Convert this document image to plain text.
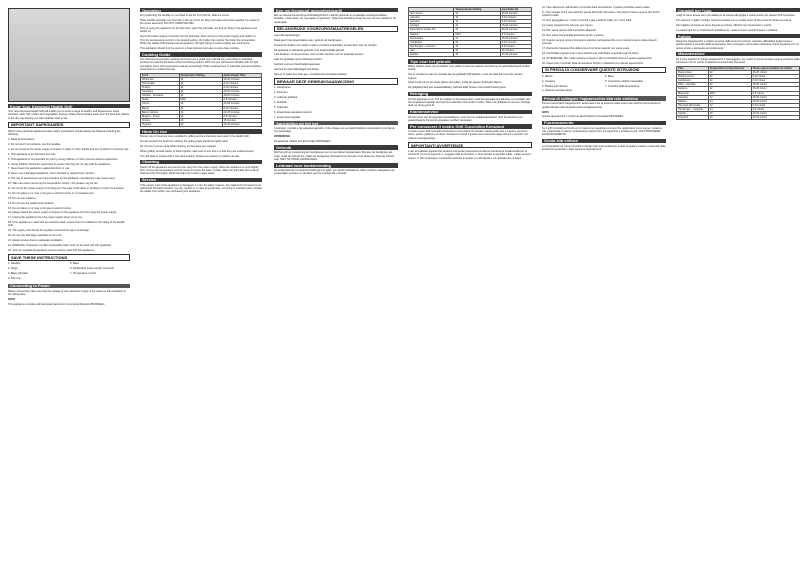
Know Your Kenwood Health Grill

Your new Kenwood Health Grill will enable you to cook a range of healthy and flavoursome foods including meat, fish, poultry and vegetables. During cooking the fat drains away from the food and collects in the drip tray leaving you with healthier food to eat.

IMPORTANT SAFEGUARDS

When using electrical appliances basic safety precautions should always be followed including the following:

1. Read all instructions.

2. Do not touch hot surfaces, use the handles.

3. Do not immerse the power supply connector in water or other liquids and do not allow it to become wet.

4. This appliance is for domestic use only.

5. This appliance is not intended for use by young children or infirm persons without supervision.

6. Young children should be supervised to ensure that they do not play with the appliance.

7. Never leave the appliance unattended when in use.

8. Never use a damaged appliance. Get it checked or repaired see 'service'.

9. The use of accessories not recommended by the appliance manufacturer may cause injury.

10. Take care when removing the temperature control - the grease may be hot.

11. Do not let the power supply cord hang over the edge of the table or worktop or touch hot surfaces.

12. Do not place on or near a hot gas or electric burner or in a heated oven.

13. Do not use outdoors.

14. Do not use the Health Grill outdoors.

15. Do not place on or near a hot gas or electric burner.

16. Always attach the power supply connector to the appliance first then plug the power supply.

17. Unplug the appliance from the power supply when not in use.

18. If the appliance is used with an extension lead, ensure that it is suitable for the rating of the Health Grill.

19. The supply cord should be regularly examined for signs of damage.

20. Do not use with large quantities of oil or fat.

21. Always ensure there is adequate ventilation.

22. WARNING: Charcoal or similar combustible fuels must not be used with this appliance.

23. Only the supplied temperature control must be used with this appliance.

SAVE THESE INSTRUCTIONS

1. Handles

2. Hinge

3. Base grill plate

4. Drip tray

5. Base

6. Detachable power supply connector

7. Temperature control

Connecting to Power

Before connecting make sure that the voltage of your electricity supply is the same as that indicated on the rating plate.

NOTE

This appliance complies with European Economic Community Directive 89/336/EEC.

Operation

For positioning the handle it is not fitted to the lid. To fit the lid, slide the screw.

Place handle vertically over the hole in the top of the lid. Align the holes and screw together by means of the screw assembly. DO NOT OVERTIGHTEN.

Prior to using the appliance for the first time, wash the grill plate, dry and oil. Plug in the appliance and switch on.

Insert the power supply connector into the grill plate. Now connect to the power supply and switch on. Turn the temperature control to the desired setting; the higher the number the hotter the temperature. When the Health Grill reaches the temperature, the light will go out and cooking can commence.

This appliance should only be used on a heat resistant and easy to wipe clean surface.

Cooking Guide

The following temperature settings and times are a guide only and will vary according to individual preferences and the thickness of the food being cooked. With use you will become familiar with the grill and adjust times and temperature settings accordingly. When cooking food, in particular pork and chicken, check that it is cooked through.

Food	Temperature Setting	Approximate Time
Whole fish	12	15-20 minutes
Fish steaks	12	6-10 minutes
Prawns	12	6-10 minutes
Sausages	12	15-20 minutes
Chicken - boneless	12	18-20 minutes
Steak	MAX	6-9 minutes
Chops	12	15-20 minutes
Bacon	12	6-10 minutes
Bacon rashers	12	10-15 minutes
Burgers - frozen	14	6-8 minutes
Onions	10	15 minutes
Peppers	10	10-15 minutes
Hints On Use

Tender cuts of meat are more suitable for grilling and are therefore best used in the Health Grill.

To help prevent the food from sticking the grilling plate should be lightly oiled.

Do not cut or pierce meat while cooking, so the juices are retained.

When grilling several pieces of food together, take care to turn them so that they are cooked evenly.

The grill plate is coated with a non-stick coating. Always use wooden or plastic utensils.

Cleaning

Switch off the appliance and remove the plug from the power supply. Allow the appliance to cool slightly then remove the temperature control. Never immerse the base in water. Wipe the grill plate with a damp cloth and dry thoroughly. Wash the drip tray in warm soapy water.

Service

If the supply cord of this appliance is damaged, it must, for safety reasons, be replaced by Kenwood or an authorised Kenwood repairer. For any repairs or in case of guarantees, servicing or selected parts, contact the dealer from which you purchased your appliance.

Ken uw Kenwood gezondheidsgrill

Met uw nieuwe Kenwood gezondheidsgrill kunt u allerlei gezonde en smakelijke voedingsmiddelen bereiden, zoals vlees, vis, gevogelte en groenten. Tijdens de bereiding druipt het vet van het voedsel in de opvangbak.

BELANGRIJKE VOORZORGSMAATREGELEN

Lees alle aanwijzingen.

Raak geen hete oppervlakken aan, gebruik de handgrepen.

Dompel de stekker niet onder in water of andere vloeistoffen en laat deze niet nat worden.

Dit apparaat is uitsluitend geschikt voor huishoudelijk gebruik.

Laat kinderen of niet-personen nooit zonder toezicht met het apparaat werken.

Laat het apparaat nooit onbeheerd achter.

Gebruik nooit een beschadigd apparaat.

Gebruik de gezondheidsgrill niet buiten.

Niet op of naast een hete gas- of elektrische kookplaat plaatsen.

BEWAAR DEZE GEBRUIKSAANWIJZING

1. handgrepen

2. scharnier

3. onderste grillplaat

4. druipbak

5. onderstel

6. afneembare aansluitconnector

7. temperatuurregelaar

Aansluiting op het net

Controleer, voordat u het apparaat aansluit, of de voltage van uw elektriciteitsnet overeenkomt met dat op het typeplaatje.

OPMERKING

Dit apparaat voldoet aan EG-richtlijn 89/336/EEG.

Gebruik

Wat het grill op verwarming als handgrepen niet op het deksel vastgemaakt. Monteer de handgreep als volgt: maak de schroef los, plaats de handgreep verticaal boven het gat in het deksel en draai de schroef vast. NIET TE STRAK AANDRAAIEN.

Leidraad voor kookbereiding

De onderstaande temperatuurinstellingen en tijden zijn slechts leidraad en zullen variëren naargelang uw persoonlijke voorkeur en de dikte van het voedsel dat u bereidt.

	Temperatuurinstelling	Geschatte tijd
hele vissen	12	15-20 minuten
vismoten	12	6-10 minuten
garnalen	12	6-10 minuten
worstjes	12	15-20 minuten
kippenborst zonder bot	12	18-20 minuten
biefstuk	MAX	6-9 minuten
karbonades	12	15-20 minuten
ontbijtspek	12	6-10 minuten
hamburgers - bevroren	14	6-8 minuten
uien	10	15 minuten
paprika	10	10-15 minuten
Tips voor het gebruik

Malse stukken vlees zijn geschikter voor grillen en kunnen daarom het best op de gezondheidsgrill worden bereid.

Om te voorkomen dat het voedsel aan de grillplaat blijft plakken, moet de plaat licht met olie worden ingevet.

Snijd of prik niet in het vlees tijdens het grillen, zodat de sappen behouden blijven.

De grillplaat heeft een antiaanbaklaag. Gebruik altijd houten of kunststof keukengerei.

Reiniging

Zet het apparaat uit en trek de stekker uit het stopcontact. Laat het apparaat iets afkoelen en verwijder dan de temperatuurregelaar. Dompel het onderstel nooit onder in water. Neem de grillplaat af met een vochtige doek en droog goed af.

Klantenservice

Als het snoer van dit apparaat beschadigd is, moet het om veiligheidsredenen door Kenwood of een geautoriseerde Kenwood-reparateur worden vervangen.

Per conoscere il vostro Grill Cucciolino Kenwood

Il vostro nuovo Grill Cucciolino Kenwood vi permetterà di cucinare svariati piatti sani e saporiti, compresi carne, pesce, pollame e verdure. Durante la cottura il grasso viene eliminato dagli alimenti e raccolto nel vassoio raccogli-grasso.

IMPORTANTI AVVERTENZE

L'uso di qualsiasi apparecchio elettrico comporta l'osservanza di alcune precauzioni fondamentali per la sicurezza, fra cui le seguenti: 1. Leggete tutte le istruzioni. 2. Non toccate le superfici calde - usate sempre i manici. 3. Non immergete il connettore elettrico in acqua o in altri liquidi e non lasciate che si bagni.

10. Fare attenzione nell'estrarre il controllo della temperatura: il grasso potrebbe essere caldo.

11. Non lasciate che il cavo elettrico penda dal bordo del tavolo o del piano di lavoro oppure che tocchi superfici calde.

12. Non appoggiate su o vicino a fornelli a gas o elettrici caldi, né in forni caldi.

13. Usare l'apparecchio solo per uso interno.

14. Non usare questo Grill Cucciolino all'aperto.

15. Non usate mai quantità eccessive di olio o grasso.

16. Inserite sempre prima il connettore elettrico nell'apparecchio e poi inserite la spina nella presa di corrente.

17. Disinserite l'apparecchio dalla presa di corrente quando non viene usato.

18. Controllate regolarmente il cavo elettrico per individuare eventuali segni di danni.

19. ATTENZIONE: Non usate carbone di legna o altri combustibili simili con questo apparecchio.

20. Usare solo il controllo della temperatura fornito in dotazione con questo apparecchio.

SI PREGA DI CONSERVARE QUESTE ISTRUZIONI

1. Manici

2. Cerniera

3. Piastra grill inferiore

4. Vassoio raccogli-grasso

5. Base

6. Connettore elettrico staccabile

7. Controllo della temperatura

Prima di collegare l'apparecchio alla rete elettrica

Prima di accendere l'apparecchio, assicuratevi che la tensione della vostra rete elettrica sia la stessa di quella indicata sulla targhetta posta sull'apparecchio.

NOTA

Questo apparecchio è conforme alla Direttiva Comunitaria 89/336/EEC.

Funzionamento

Se il grill Cucciolino è fornito con il manico non applicato al coperchio, applicatelo come segue: svitate la vite, posizionate il manico verticalmente sopra il foro sul coperchio e avvitate la vite. NON STRINGERE ECCESSIVAMENTE.

Guida alla cottura

Le temperature ed i tempi di cottura indicati sotto sono solamente a titolo di guida e variano a seconda delle preferenze personali e dello spessore degli alimenti.

Consigli per l'uso

I tagli di carne tenera sono più adatti per la cottura alla griglia e quindi anche per questo Grill Cucciolino.

Per ottenere i migliori risultati, ricopra la piastra con un sottile strato di olio prima di iniziare la cottura.

Non tagliare né forare la carne durante la cottura, affinché non fuoriescano i succhi.

La piastra grill ha un rivestimento antiaderente. Usate sempre utensili di legno o plastica.

Pulizia

Spegnere l'apparecchio e togliere la spina dalla presa di corrente. Lasciare raffreddare leggermente e quindi togliere il controllo della temperatura. Non immergere mai la base nell'acqua. Pulire la piastra con un panno umido e asciugare accuratamente.

Manutenzione

Se il cavo elettrico di questo apparecchio è danneggiato, per motivi di sicurezza deve essere sostituito dalla Kenwood o da un centro di assistenza autorizzato Kenwood.

Cibo	Temperatura di impostazione	Tempo approssimativo di cottura
Pesce intero	12	15-20 minuti
Filetti di pesce	12	6-10 minuti
Gamberetti	12	6-10 minuti
Pollo - cosciotte	12	15-20 minuti
Salsicce	12	15-20 minuti
Bistecche	MAX	6-9 minuti
Cotolette	12	15-20 minuti
Salame	14	20-25 minuti
Pancetta affumicata	12	6-10 minuti
Hamburger - congelati	14	6-8 minuti
Cipolle	10	10-15 minuti
Peperoni	10	10-15 minuti
